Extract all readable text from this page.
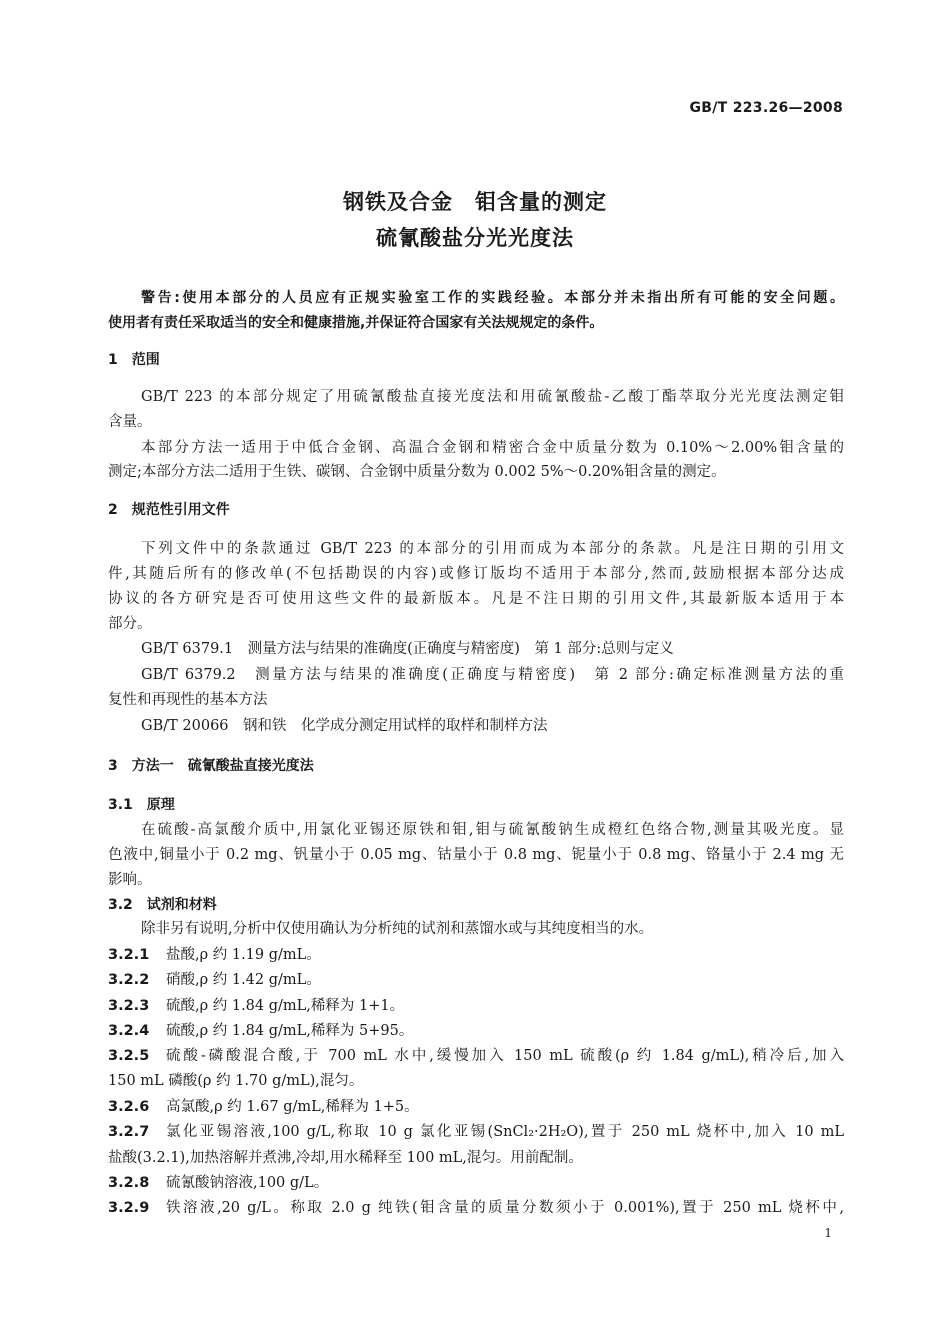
GB/T 223.26—2008
钢铁及合金　钼含量的测定
硫氰酸盐分光光度法
警告:使用本部分的人员应有正规实验室工作的实践经验。本部分并未指出所有可能的安全问题。
使用者有责任采取适当的安全和健康措施,并保证符合国家有关法规规定的条件。
1　范围
GB/T 223 的本部分规定了用硫氰酸盐直接光度法和用硫氰酸盐-乙酸丁酯萃取分光光度法测定钼
含量。
本部分方法一适用于中低合金钢、高温合金钢和精密合金中质量分数为 0.10%～2.00%钼含量的
测定;本部分方法二适用于生铁、碳钢、合金钢中质量分数为 0.002 5%～0.20%钼含量的测定。
2　规范性引用文件
下列文件中的条款通过 GB/T 223 的本部分的引用而成为本部分的条款。凡是注日期的引用文
件,其随后所有的修改单(不包括勘误的内容)或修订版均不适用于本部分,然而,鼓励根据本部分达成
协议的各方研究是否可使用这些文件的最新版本。凡是不注日期的引用文件,其最新版本适用于本
部分。
GB/T 6379.1　测量方法与结果的准确度(正确度与精密度)　第 1 部分:总则与定义
GB/T 6379.2　测量方法与结果的准确度(正确度与精密度)　第 2 部分:确定标准测量方法的重
复性和再现性的基本方法
GB/T 20066　钢和铁　化学成分测定用试样的取样和制样方法
3　方法一　硫氰酸盐直接光度法
3.1　原理
在硫酸-高氯酸介质中,用氯化亚锡还原铁和钼,钼与硫氰酸钠生成橙红色络合物,测量其吸光度。显
色液中,铜量小于 0.2 mg、钒量小于 0.05 mg、钴量小于 0.8 mg、铌量小于 0.8 mg、铬量小于 2.4 mg 无
影响。
3.2　试剂和材料
除非另有说明,分析中仅使用确认为分析纯的试剂和蒸馏水或与其纯度相当的水。
3.2.1 盐酸,ρ 约 1.19 g/mL。
3.2.2 硝酸,ρ 约 1.42 g/mL。
3.2.3 硫酸,ρ 约 1.84 g/mL,稀释为 1+1。
3.2.4 硫酸,ρ 约 1.84 g/mL,稀释为 5+95。
3.2.5	硫酸-磷酸混合酸,于 700 mL 水中,缓慢加入 150 mL 硫酸(ρ 约 1.84 g/mL),稍冷后,加入
150 mL 磷酸(ρ 约 1.70 g/mL),混匀。
3.2.6 高氯酸,ρ 约 1.67 g/mL,稀释为 1+5。
3.2.7	氯化亚锡溶液,100 g/L,称取 10 g 氯化亚锡(SnCl₂·2H₂O),置于 250 mL 烧杯中,加入 10 mL
盐酸(3.2.1),加热溶解并煮沸,冷却,用水稀释至 100 mL,混匀。用前配制。
3.2.8 硫氰酸钠溶液,100 g/L。
3.2.9	铁溶液,20 g/L。称取 2.0 g 纯铁(钼含量的质量分数须小于 0.001%),置于 250 mL 烧杯中,
1
